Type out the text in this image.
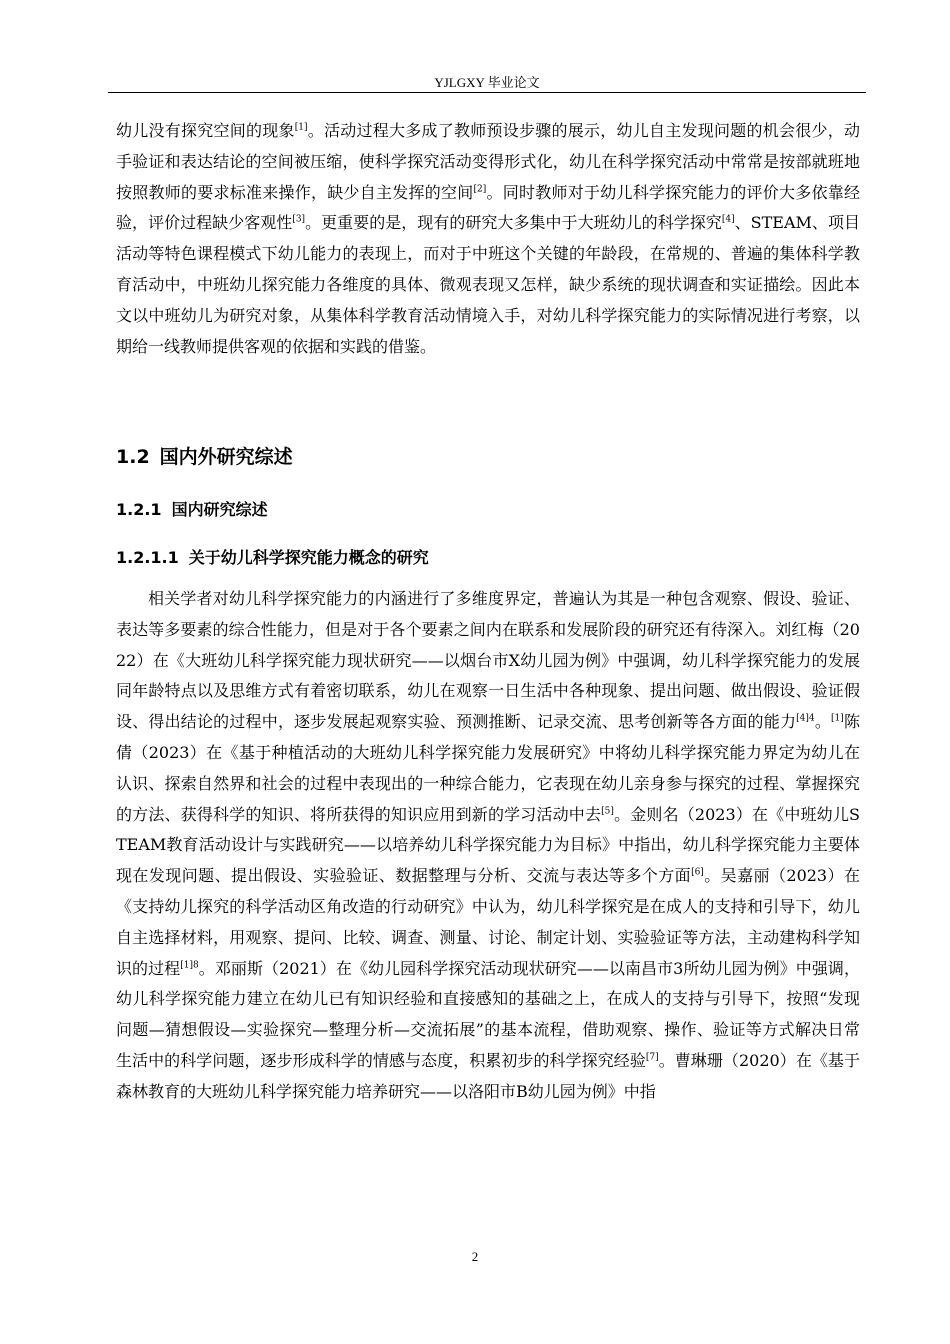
YJLGXY 毕业论文

幼儿没有探究空间的现象[1]。活动过程大多成了教师预设步骤的展示，幼儿自主发现问题的机会很少，动手验证和表达结论的空间被压缩，使科学探究活动变得形式化，幼儿在科学探究活动中常常是按部就班地按照教师的要求标准来操作，缺少自主发挥的空间[2]。同时教师对于幼儿科学探究能力的评价大多依靠经验，评价过程缺少客观性[3]。更重要的是，现有的研究大多集中于大班幼儿的科学探究[4]、STEAM、项目活动等特色课程模式下幼儿能力的表现上，而对于中班这个关键的年龄段，在常规的、普遍的集体科学教育活动中，中班幼儿探究能力各维度的具体、微观表现又怎样，缺少系统的现状调查和实证描绘。因此本文以中班幼儿为研究对象，从集体科学教育活动情境入手，对幼儿科学探究能力的实际情况进行考察，以期给一线教师提供客观的依据和实践的借鉴。

1.2 国内外研究综述
1.2.1 国内研究综述
1.2.1.1 关于幼儿科学探究能力概念的研究

相关学者对幼儿科学探究能力的内涵进行了多维度界定，普遍认为其是一种包含观察、假设、验证、表达等多要素的综合性能力，但是对于各个要素之间内在联系和发展阶段的研究还有待深入。刘红梅（2022）在《大班幼儿科学探究能力现状研究——以烟台市X幼儿园为例》中强调，幼儿科学探究能力的发展同年龄特点以及思维方式有着密切联系，幼儿在观察一日生活中各种现象、提出问题、做出假设、验证假设、得出结论的过程中，逐步发展起观察实验、预测推断、记录交流、思考创新等各方面的能力$^{[4]4}$。[1]陈倩（2023）在《基于种植活动的大班幼儿科学探究能力发展研究》中将幼儿科学探究能力界定为幼儿在认识、探索自然界和社会的过程中表现出的一种综合能力，它表现在幼儿亲身参与探究的过程、掌握探究的方法、获得科学的知识、将所获得的知识应用到新的学习活动中去[5]。金则名（2023）在《中班幼儿STEAM教育活动设计与实践研究——以培养幼儿科学探究能力为目标》中指出，幼儿科学探究能力主要体现在发现问题、提出假设、实验验证、数据整理与分析、交流与表达等多个方面[6]。吴嘉丽（2023）在《支持幼儿探究的科学活动区角改造的行动研究》中认为，幼儿科学探究是在成人的支持和引导下，幼儿自主选择材料，用观察、提问、比较、调查、测量、讨论、制定计划、实验验证等方法，主动建构科学知识的过程$^{[1]8}$。邓丽斯（2021）在《幼儿园科学探究活动现状研究——以南昌市3所幼儿园为例》中强调，幼儿科学探究能力建立在幼儿已有知识经验和直接感知的基础之上，在成人的支持与引导下，按照“发现问题—猜想假设—实验探究—整理分析—交流拓展”的基本流程，借助观察、操作、验证等方式解决日常生活中的科学问题，逐步形成科学的情感与态度，积累初步的科学探究经验[7]。曹琳珊（2020）在《基于森林教育的大班幼儿科学探究能力培养研究——以洛阳市B幼儿园为例》中指

2
